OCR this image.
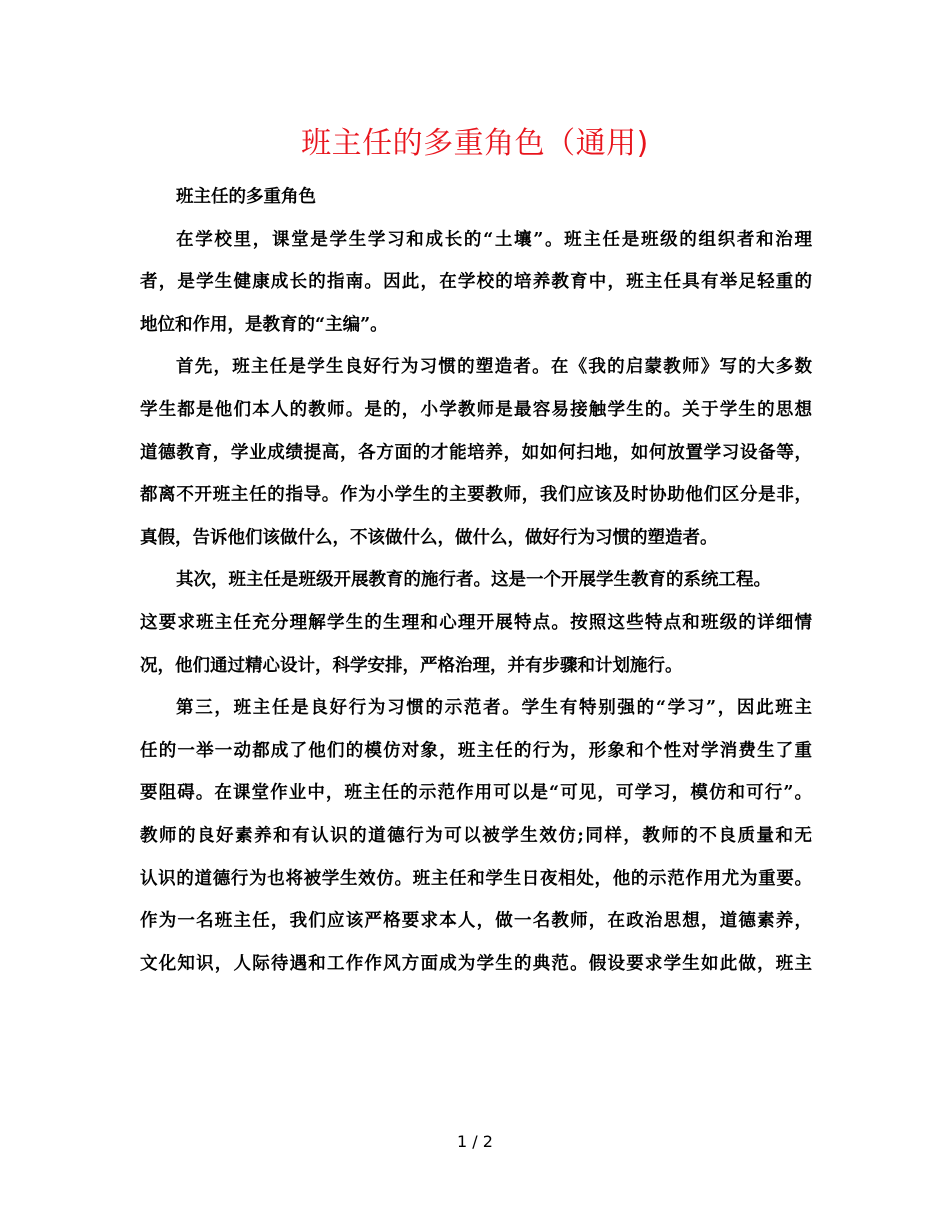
班主任的多重角色（通用)
班主任的多重角色
在学校里，课堂是学生学习和成长的“土壤”。班主任是班级的组织者和治理
者，是学生健康成长的指南。因此，在学校的培养教育中，班主任具有举足轻重的
地位和作用，是教育的“主编”。
首先，班主任是学生良好行为习惯的塑造者。在《我的启蒙教师》写的大多数
学生都是他们本人的教师。是的，小学教师是最容易接触学生的。关于学生的思想
道德教育，学业成绩提高，各方面的才能培养，如如何扫地，如何放置学习设备等，
都离不开班主任的指导。作为小学生的主要教师，我们应该及时协助他们区分是非，
真假，告诉他们该做什么，不该做什么，做什么，做好行为习惯的塑造者。
其次，班主任是班级开展教育的施行者。这是一个开展学生教育的系统工程。
这要求班主任充分理解学生的生理和心理开展特点。按照这些特点和班级的详细情
况，他们通过精心设计，科学安排，严格治理，并有步骤和计划施行。
第三，班主任是良好行为习惯的示范者。学生有特别强的“学习”，因此班主
任的一举一动都成了他们的模仿对象，班主任的行为，形象和个性对学消费生了重
要阻碍。在课堂作业中，班主任的示范作用可以是“可见，可学习，模仿和可行”。
教师的良好素养和有认识的道德行为可以被学生效仿;同样，教师的不良质量和无
认识的道德行为也将被学生效仿。班主任和学生日夜相处，他的示范作用尤为重要。
作为一名班主任，我们应该严格要求本人，做一名教师，在政治思想，道德素养，
文化知识，人际待遇和工作作风方面成为学生的典范。假设要求学生如此做，班主
1 / 2
